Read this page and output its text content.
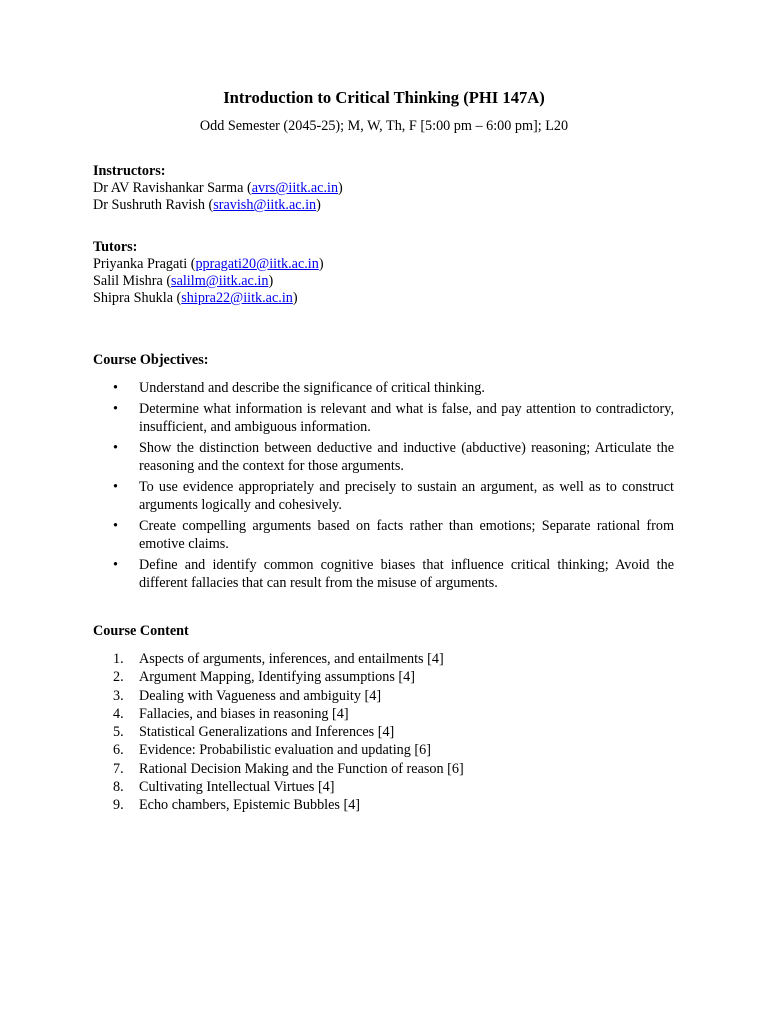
Introduction to Critical Thinking (PHI 147A)
Odd Semester (2045-25); M, W, Th, F [5:00 pm – 6:00 pm]; L20
Instructors:
Dr AV Ravishankar Sarma (avrs@iitk.ac.in)
Dr Sushruth Ravish (sravish@iitk.ac.in)
Tutors:
Priyanka Pragati (ppragati20@iitk.ac.in)
Salil Mishra (salilm@iitk.ac.in)
Shipra Shukla (shipra22@iitk.ac.in)
Course Objectives:
• Understand and describe the significance of critical thinking.
• Determine what information is relevant and what is false, and pay attention to contradictory, insufficient, and ambiguous information.
• Show the distinction between deductive and inductive (abductive) reasoning; Articulate the reasoning and the context for those arguments.
• To use evidence appropriately and precisely to sustain an argument, as well as to construct arguments logically and cohesively.
• Create compelling arguments based on facts rather than emotions; Separate rational from emotive claims.
• Define and identify common cognitive biases that influence critical thinking; Avoid the different fallacies that can result from the misuse of arguments.
Course Content
1. Aspects of arguments, inferences, and entailments [4]
2. Argument Mapping, Identifying assumptions [4]
3. Dealing with Vagueness and ambiguity [4]
4. Fallacies, and biases in reasoning [4]
5. Statistical Generalizations and Inferences [4]
6. Evidence: Probabilistic evaluation and updating [6]
7. Rational Decision Making and the Function of reason [6]
8. Cultivating Intellectual Virtues [4]
9. Echo chambers, Epistemic Bubbles [4]
